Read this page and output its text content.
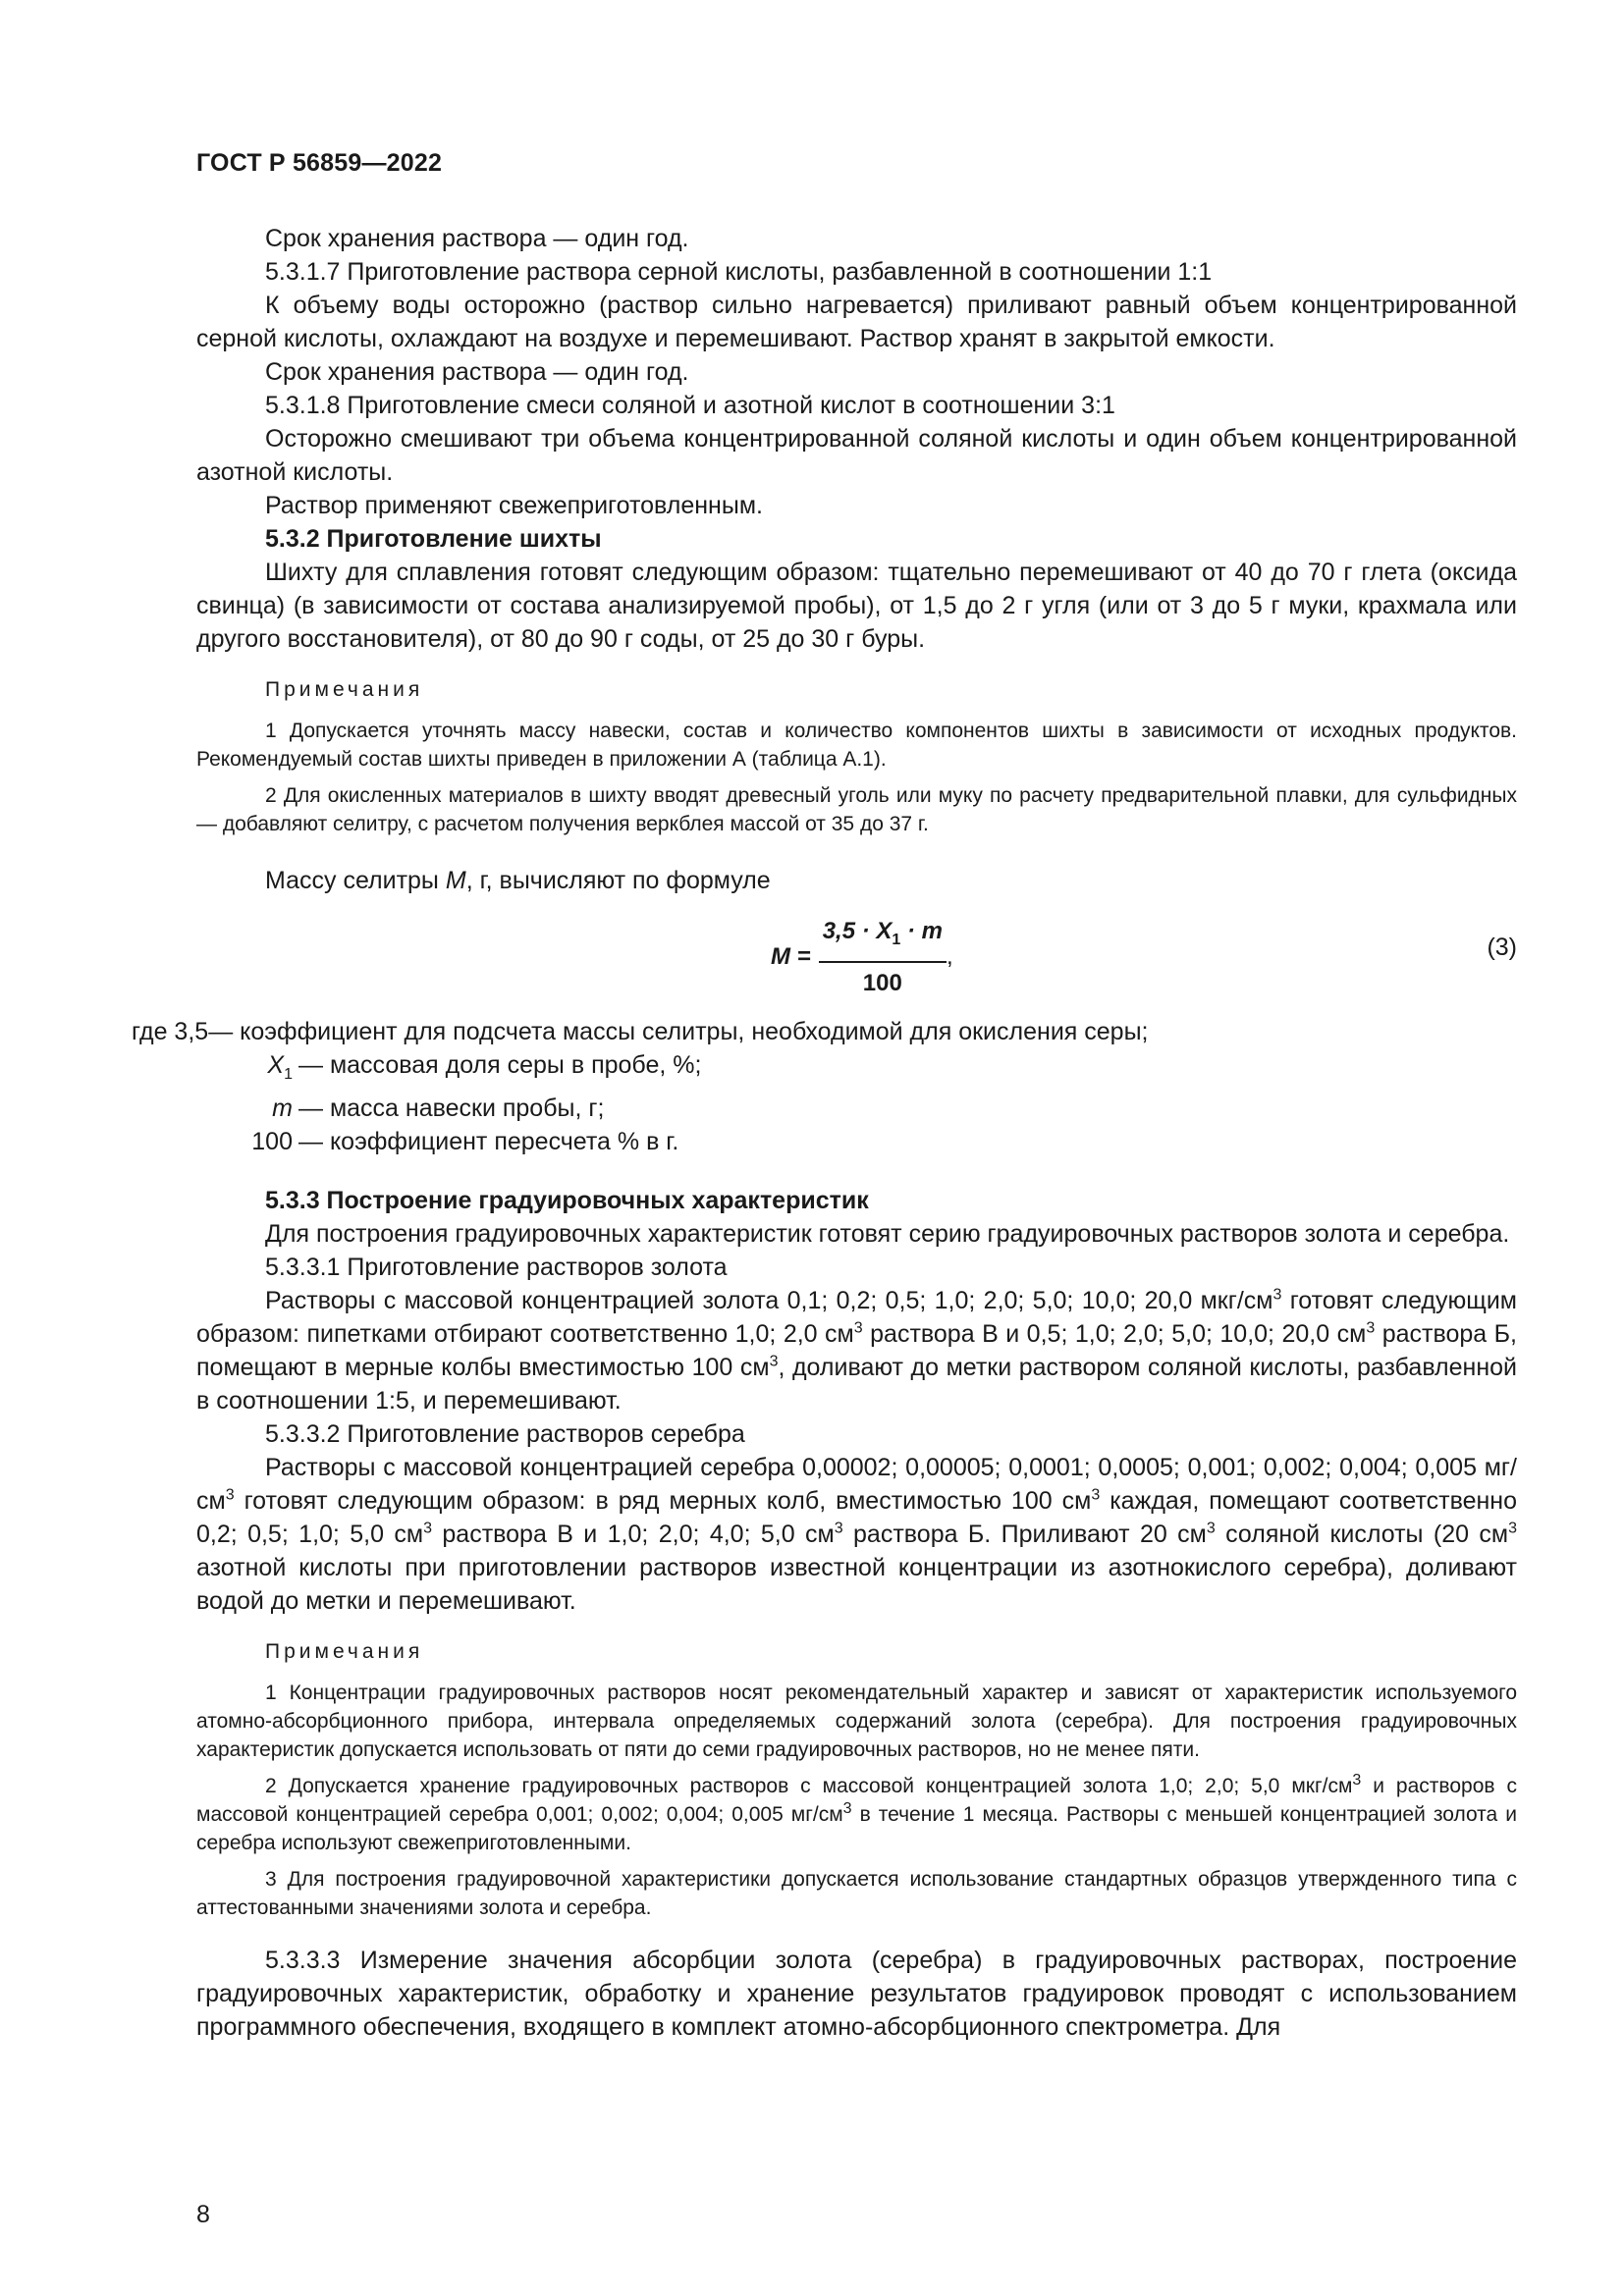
ГОСТ Р 56859—2022

Срок хранения раствора — один год.

5.3.1.7 Приготовление раствора серной кислоты, разбавленной в соотношении 1:1

К объему воды осторожно (раствор сильно нагревается) приливают равный объем концентрированной серной кислоты, охлаждают на воздухе и перемешивают. Раствор хранят в закрытой емкости.

Срок хранения раствора — один год.

5.3.1.8 Приготовление смеси соляной и азотной кислот в соотношении 3:1

Осторожно смешивают три объема концентрированной соляной кислоты и один объем концентрированной азотной кислоты.

Раствор применяют свежеприготовленным.

5.3.2 Приготовление шихты

Шихту для сплавления готовят следующим образом: тщательно перемешивают от 40 до 70 г глета (оксида свинца) (в зависимости от состава анализируемой пробы), от 1,5 до 2 г угля (или от 3 до 5 г муки, крахмала или другого восстановителя), от 80 до 90 г соды, от 25 до 30 г буры.

Примечания

1 Допускается уточнять массу навески, состав и количество компонентов шихты в зависимости от исходных продуктов. Рекомендуемый состав шихты приведен в приложении А (таблица А.1).

2 Для окисленных материалов в шихту вводят древесный уголь или муку по расчету предварительной плавки, для сульфидных — добавляют селитру, с расчетом получения веркблея массой от 35 до 37 г.

Массу селитры М, г, вычисляют по формуле

$M = \frac{3,5 \cdot X_1 \cdot m}{100}$ ,	(3)
где 3,5 — коэффициент для подсчета массы селитры, необходимой для окисления серы;
$X_1$ — массовая доля серы в пробе, %;
m — масса навески пробы, г;
100 — коэффициент пересчета % в г.
5.3.3 Построение градуировочных характеристик

Для построения градуировочных характеристик готовят серию градуировочных растворов золота и серебра.

5.3.3.1 Приготовление растворов золота

Растворы с массовой концентрацией золота 0,1; 0,2; 0,5; 1,0; 2,0; 5,0; 10,0; 20,0 мкг/$см^3$ готовят следующим образом: пипетками отбирают соответственно 1,0; 2,0 $см^3$ раствора В и 0,5; 1,0; 2,0; 5,0; 10,0; 20,0 $см^3$ раствора Б, помещают в мерные колбы вместимостью 100 $см^3$, доливают до метки раствором соляной кислоты, разбавленной в соотношении 1:5, и перемешивают.

5.3.3.2 Приготовление растворов серебра

Растворы с массовой концентрацией серебра 0,00002; 0,00005; 0,0001; 0,0005; 0,001; 0,002; 0,004; 0,005 $мг/см^3$ готовят следующим образом: в ряд мерных колб, вместимостью 100 $см^3$ каждая, помещают соответственно 0,2; 0,5; 1,0; 5,0 $см^3$ раствора В и 1,0; 2,0; 4,0; 5,0 $см^3$ раствора Б. Приливают 20 $см^3$ соляной кислоты (20 $см^3$ азотной кислоты при приготовлении растворов известной концентрации из азотнокислого серебра), доливают водой до метки и перемешивают.

Примечания

1 Концентрации градуировочных растворов носят рекомендательный характер и зависят от характеристик используемого атомно-абсорбционного прибора, интервала определяемых содержаний золота (серебра). Для построения градуировочных характеристик допускается использовать от пяти до семи градуировочных растворов, но не менее пяти.

2 Допускается хранение градуировочных растворов с массовой концентрацией золота 1,0; 2,0; 5,0 мкг/$см^3$ и растворов с массовой концентрацией серебра 0,001; 0,002; 0,004; 0,005 $мг/см^3$ в течение 1 месяца. Растворы с меньшей концентрацией золота и серебра используют свежеприготовленными.

3 Для построения градуировочной характеристики допускается использование стандартных образцов утвержденного типа с аттестованными значениями золота и серебра.

5.3.3.3 Измерение значения абсорбции золота (серебра) в градуировочных растворах, построение градуировочных характеристик, обработку и хранение результатов градуировок проводят с использованием программного обеспечения, входящего в комплект атомно-абсорбционного спектрометра. Для

8
